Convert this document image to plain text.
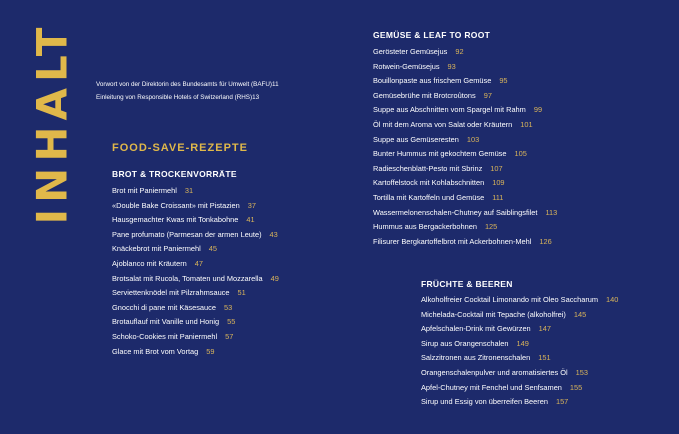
INHALT	Vorwort von der Direktorin des Bundesamts für Umwelt (BAFU)11
Einleitung von Responsible Hotels of Switzerland (RHS)13
FOOD-SAVE-REZEPTE
BROT & TROCKENVORRÄTE
Brot mit Paniermehl 31
«Double Bake Croissant» mit Pistazien 37
Hausgemachter Kwas mit Tonkabohne 41
Pane profumato (Parmesan der armen Leute) 43
Knäckebrot mit Paniermehl 45
Ajoblanco mit Kräutern 47
Brotsalat mit Rucola, Tomaten und Mozzarella 49
Serviettenknödel mit Pilzrahmsauce 51
Gnocchi di pane mit Käsesauce 53
Brotauflauf mit Vanille und Honig 55
Schoko-Cookies mit Paniermehl 57
Glace mit Brot vom Vortag 59
GEMÜSE & LEAF TO ROOT
Gerösteter Gemüsejus 92
Rotwein-Gemüsejus 93
Bouillonpaste aus frischem Gemüse 95
Gemüsebrühe mit Brotcroûtons 97
Suppe aus Abschnitten vom Spargel mit Rahm 99
Öl mit dem Aroma von Salat oder Kräutern 101
Suppe aus Gemüseresten 103
Bunter Hummus mit gekochtem Gemüse 105
Radieschenblatt-Pesto mit Sbrinz 107
Kartoffelstock mit Kohlabschnitten 109
Tortilla mit Kartoffeln und Gemüse 111
Wassermelonenschalen-Chutney auf Saiblingsfilet 113
Hummus aus Bergackerbohnen 125
Filisurer Bergkartoffelbrot mit Ackerbohnen-Mehl 126
FRÜCHTE & BEEREN
Alkoholfreier Cocktail Limonando mit Oleo Saccharum 140
Michelada-Cocktail mit Tepache (alkoholfrei) 145
Apfelschalen-Drink mit Gewürzen 147
Sirup aus Orangenschalen 149
Salzzitronen aus Zitronenschalen 151
Orangenschalenpulver und aromatisiertes Öl 153
Apfel-Chutney mit Fenchel und Senfsamen 155
Sirup und Essig von überreifen Beeren 157
